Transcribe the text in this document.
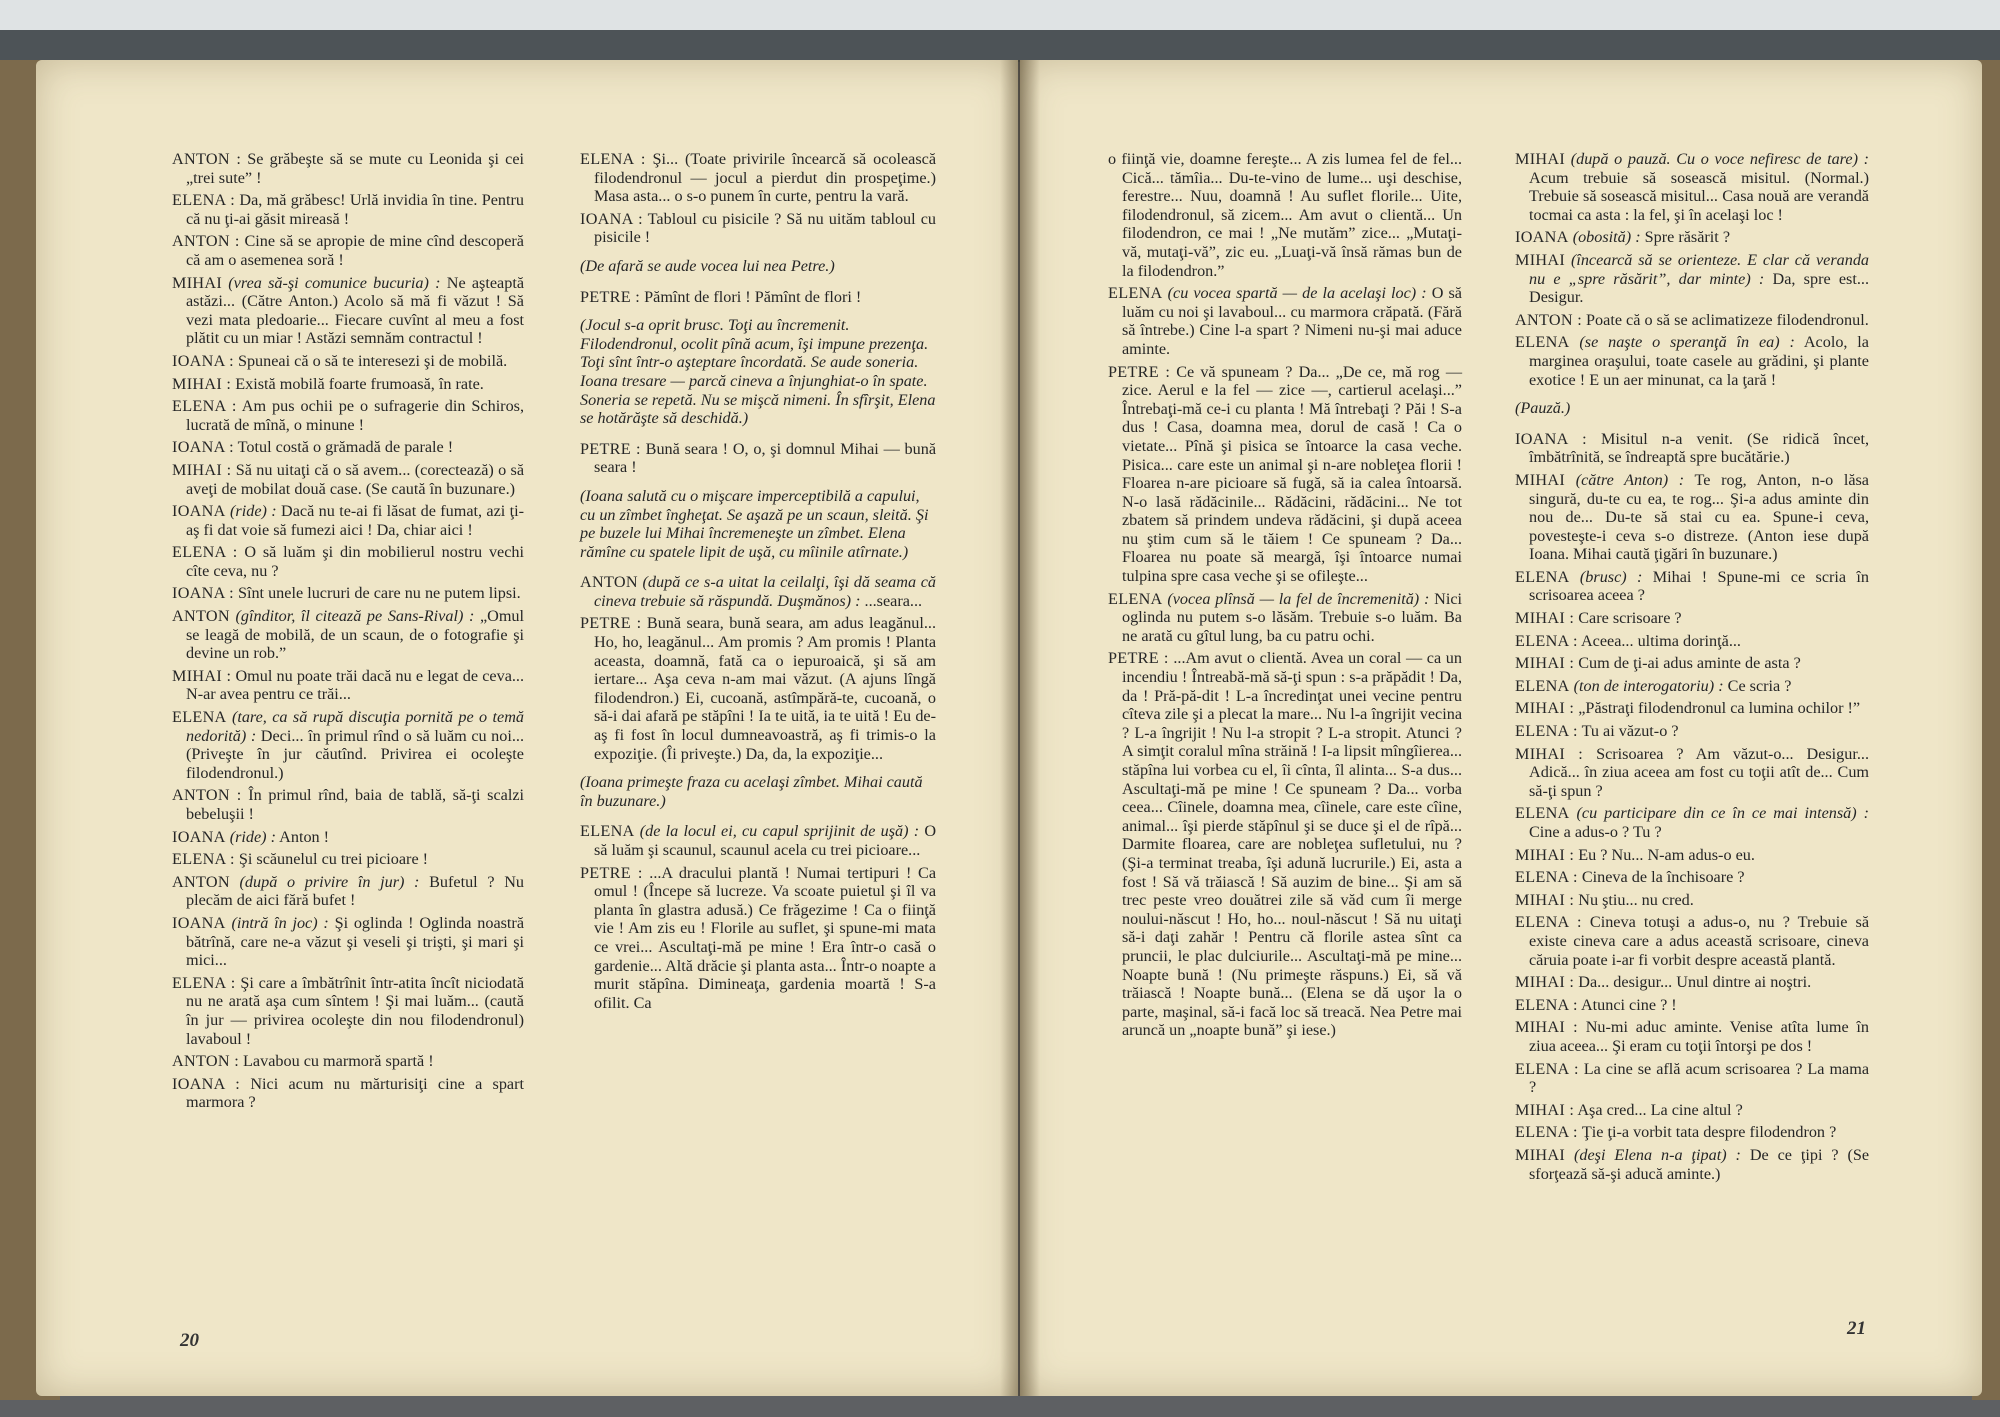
ANTON : Se grăbeşte să se mute cu Leonida şi cei „trei sute” !

ELENA : Da, mă grăbesc! Urlă invidia în tine. Pentru că nu ţi-ai găsit mireasă !

ANTON : Cine să se apropie de mine cînd descoperă că am o asemenea soră !

MIHAI (vrea să-şi comunice bucuria) : Ne aşteaptă astăzi... (Către Anton.) Acolo să mă fi văzut ! Să vezi mata pledoarie... Fiecare cuvînt al meu a fost plătit cu un miar ! Astăzi semnăm contractul !

IOANA : Spuneai că o să te interesezi şi de mobilă.

MIHAI : Există mobilă foarte frumoasă, în rate.

ELENA : Am pus ochii pe o sufragerie din Schiros, lucrată de mînă, o minune !

IOANA : Totul costă o grămadă de parale !

MIHAI : Să nu uitaţi că o să avem... (corectează) o să aveţi de mobilat două case. (Se caută în buzunare.)

IOANA (ride) : Dacă nu te-ai fi lăsat de fumat, azi ţi-aş fi dat voie să fumezi aici ! Da, chiar aici !

ELENA : O să luăm şi din mobilierul nostru vechi cîte ceva, nu ?

IOANA : Sînt unele lucruri de care nu ne putem lipsi.

ANTON (gînditor, îl citează pe Sans-Rival) : „Omul se leagă de mobilă, de un scaun, de o fotografie şi devine un rob.”

MIHAI : Omul nu poate trăi dacă nu e legat de ceva... N-ar avea pentru ce trăi...

ELENA (tare, ca să rupă discuţia pornită pe o temă nedorită) : Deci... în primul rînd o să luăm cu noi... (Priveşte în jur căutînd. Privirea ei ocoleşte filodendronul.)

ANTON : În primul rînd, baia de tablă, să-ţi scalzi bebeluşii !

IOANA (ride) : Anton !

ELENA : Şi scăunelul cu trei picioare !

ANTON (după o privire în jur) : Bufetul ? Nu plecăm de aici fără bufet !

IOANA (intră în joc) : Şi oglinda ! Oglinda noastră bătrînă, care ne-a văzut şi veseli şi trişti, şi mari şi mici...

ELENA : Şi care a îmbătrînit într-atita încît niciodată nu ne arată aşa cum sîntem ! Şi mai luăm... (caută în jur — privirea ocoleşte din nou filodendronul) lavaboul !

ANTON : Lavabou cu marmoră spartă !

IOANA : Nici acum nu mărturisiţi cine a spart marmora ?

ELENA : Şi... (Toate privirile încearcă să ocolească filodendronul — jocul a pierdut din prospeţime.) Masa asta... o s-o punem în curte, pentru la vară.

IOANA : Tabloul cu pisicile ? Să nu uităm tabloul cu pisicile !

(De afară se aude vocea lui nea Petre.)

PETRE : Pămînt de flori ! Pămînt de flori !

(Jocul s-a oprit brusc. Toţi au încremenit. Filodendronul, ocolit pînă acum, îşi impune prezenţa. Toţi sînt într-o aşteptare încordată. Se aude soneria. Ioana tresare — parcă cineva a înjunghiat-o în spate. Soneria se repetă. Nu se mişcă nimeni. În sfîrşit, Elena se hotărăşte să deschidă.)

PETRE : Bună seara ! O, o, şi domnul Mihai — bună seara !

(Ioana salută cu o mişcare imperceptibilă a capului, cu un zîmbet îngheţat. Se aşază pe un scaun, sleită. Şi pe buzele lui Mihai încremeneşte un zîmbet. Elena rămîne cu spatele lipit de uşă, cu mîinile atîrnate.)

ANTON (după ce s-a uitat la ceilalţi, îşi dă seama că cineva trebuie să răspundă. Duşmănos) : ...seara...

PETRE : Bună seara, bună seara, am adus leagănul... Ho, ho, leagănul... Am promis ? Am promis ! Planta aceasta, doamnă, fată ca o iepuroaică, şi să am iertare... Aşa ceva n-am mai văzut. (A ajuns lîngă filodendron.) Ei, cucoană, astîmpără-te, cucoană, o să-i dai afară pe stăpîni ! Ia te uită, ia te uită ! Eu de-aş fi fost în locul dumneavoastră, aş fi trimis-o la expoziţie. (Îi priveşte.) Da, da, la expoziţie...

(Ioana primeşte fraza cu acelaşi zîmbet. Mihai caută în buzunare.)

ELENA (de la locul ei, cu capul sprijinit de uşă) : O să luăm şi scaunul, scaunul acela cu trei picioare...

PETRE : ...A dracului plantă ! Numai tertipuri ! Ca omul ! (Începe să lucreze. Va scoate puietul şi îl va planta în glastra adusă.) Ce frăgezime ! Ca o fiinţă vie ! Am zis eu ! Florile au suflet, şi spune-mi mata ce vrei... Ascultaţi-mă pe mine ! Era într-o casă o gardenie... Altă drăcie şi planta asta... Într-o noapte a murit stăpîna. Dimineaţa, gardenia moartă ! S-a ofilit. Ca

o fiinţă vie, doamne fereşte... A zis lumea fel de fel... Cică... tămîia... Du-te-vino de lume... uşi deschise, ferestre... Nuu, doamnă ! Au suflet florile... Uite, filodendronul, să zicem... Am avut o clientă... Un filodendron, ce mai ! „Ne mutăm” zice... „Mutaţi-vă, mutaţi-vă”, zic eu. „Luaţi-vă însă rămas bun de la filodendron.”

ELENA (cu vocea spartă — de la acelaşi loc) : O să luăm cu noi şi lavaboul... cu marmora crăpată. (Fără să întrebe.) Cine l-a spart ? Nimeni nu-şi mai aduce aminte.

PETRE : Ce vă spuneam ? Da... „De ce, mă rog — zice. Aerul e la fel — zice —, cartierul acelaşi...” Întrebaţi-mă ce-i cu planta ! Mă întrebaţi ? Păi ! S-a dus ! Casa, doamna mea, dorul de casă ! Ca o vietate... Pînă şi pisica se întoarce la casa veche. Pisica... care este un animal şi n-are nobleţea florii ! Floarea n-are picioare să fugă, să ia calea întoarsă. N-o lasă rădăcinile... Rădăcini, rădăcini... Ne tot zbatem să prindem undeva rădăcini, şi după aceea nu ştim cum să le tăiem ! Ce spuneam ? Da... Floarea nu poate să meargă, îşi întoarce numai tulpina spre casa veche şi se ofileşte...

ELENA (vocea plînsă — la fel de încremenită) : Nici oglinda nu putem s-o lăsăm. Trebuie s-o luăm. Ba ne arată cu gîtul lung, ba cu patru ochi.

PETRE : ...Am avut o clientă. Avea un coral — ca un incendiu ! Întreabă-mă să-ţi spun : s-a prăpădit ! Da, da ! Pră-pă-dit ! L-a încredinţat unei vecine pentru cîteva zile şi a plecat la mare... Nu l-a îngrijit vecina ? L-a îngrijit ! Nu l-a stropit ? L-a stropit. Atunci ? A simţit coralul mîna străină ! I-a lipsit mîngîierea... stăpîna lui vorbea cu el, îi cînta, îl alinta... S-a dus... Ascultaţi-mă pe mine ! Ce spuneam ? Da... vorba ceea... Cîinele, doamna mea, cîinele, care este cîine, animal... îşi pierde stăpînul şi se duce şi el de rîpă... Darmite floarea, care are nobleţea sufletului, nu ? (Şi-a terminat treaba, îşi adună lucrurile.) Ei, asta a fost ! Să vă trăiască ! Să auzim de bine... Şi am să trec peste vreo douătrei zile să văd cum îi merge noului-născut ! Ho, ho... noul-născut ! Să nu uitaţi să-i daţi zahăr ! Pentru că florile astea sînt ca pruncii, le plac dulciurile... Ascultaţi-mă pe mine... Noapte bună ! (Nu primeşte răspuns.) Ei, să vă trăiască ! Noapte bună... (Elena se dă uşor la o parte, maşinal, să-i facă loc să treacă. Nea Petre mai aruncă un „noapte bună” şi iese.)

MIHAI (după o pauză. Cu o voce nefiresc de tare) : Acum trebuie să sosească misitul. (Normal.) Trebuie să sosească misitul... Casa nouă are verandă tocmai ca asta : la fel, şi în acelaşi loc !

IOANA (obosită) : Spre răsărit ?

MIHAI (încearcă să se orienteze. E clar că veranda nu e „spre răsărit”, dar minte) : Da, spre est... Desigur.

ANTON : Poate că o să se aclimatizeze filodendronul.

ELENA (se naşte o speranţă în ea) : Acolo, la marginea oraşului, toate casele au grădini, şi plante exotice ! E un aer minunat, ca la ţară !

(Pauză.)

IOANA : Misitul n-a venit. (Se ridică încet, îmbătrînită, se îndreaptă spre bucătărie.)

MIHAI (către Anton) : Te rog, Anton, n-o lăsa singură, du-te cu ea, te rog... Şi-a adus aminte din nou de... Du-te să stai cu ea. Spune-i ceva, povesteşte-i ceva s-o distreze. (Anton iese după Ioana. Mihai caută ţigări în buzunare.)

ELENA (brusc) : Mihai ! Spune-mi ce scria în scrisoarea aceea ?

MIHAI : Care scrisoare ?

ELENA : Aceea... ultima dorinţă...

MIHAI : Cum de ţi-ai adus aminte de asta ?

ELENA (ton de interogatoriu) : Ce scria ?

MIHAI : „Păstraţi filodendronul ca lumina ochilor !”

ELENA : Tu ai văzut-o ?

MIHAI : Scrisoarea ? Am văzut-o... Desigur... Adică... în ziua aceea am fost cu toţii atît de... Cum să-ţi spun ?

ELENA (cu participare din ce în ce mai intensă) : Cine a adus-o ? Tu ?

MIHAI : Eu ? Nu... N-am adus-o eu.

ELENA : Cineva de la închisoare ?

MIHAI : Nu ştiu... nu cred.

ELENA : Cineva totuşi a adus-o, nu ? Trebuie să existe cineva care a adus această scrisoare, cineva căruia poate i-ar fi vorbit despre această plantă.

MIHAI : Da... desigur... Unul dintre ai noştri.

ELENA : Atunci cine ? !

MIHAI : Nu-mi aduc aminte. Venise atîta lume în ziua aceea... Şi eram cu toţii întorşi pe dos !

ELENA : La cine se află acum scrisoarea ? La mama ?

MIHAI : Aşa cred... La cine altul ?

ELENA : Ţie ţi-a vorbit tata despre filodendron ?

MIHAI (deşi Elena n-a ţipat) : De ce ţipi ? (Se sforţează să-şi aducă aminte.)

20
21
